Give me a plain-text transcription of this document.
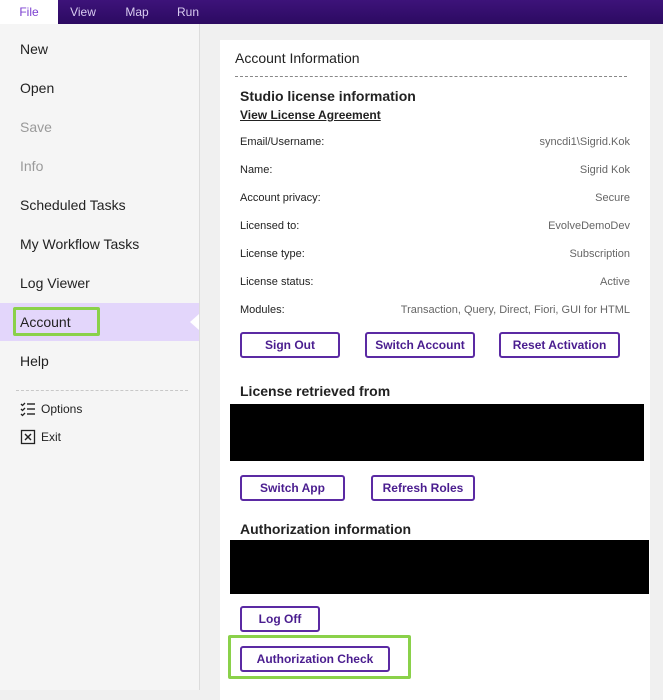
File	View	Map	Run
New
Open
Save
Info
Scheduled Tasks
My Workflow Tasks
Log Viewer
Account
Help
Options
Exit
Account Information
Studio license information
View License Agreement
Email/Username:	syncdi1\Sigrid.Kok
Name:	Sigrid Kok
Account privacy:	Secure
Licensed to:	EvolveDemoDev
License type:	Subscription
License status:	Active
Modules:	Transaction, Query, Direct, Fiori, GUI for HTML
Sign Out	Switch Account	Reset Activation
License retrieved from
Switch App	Refresh Roles
Authorization information
Log Off
Authorization Check
